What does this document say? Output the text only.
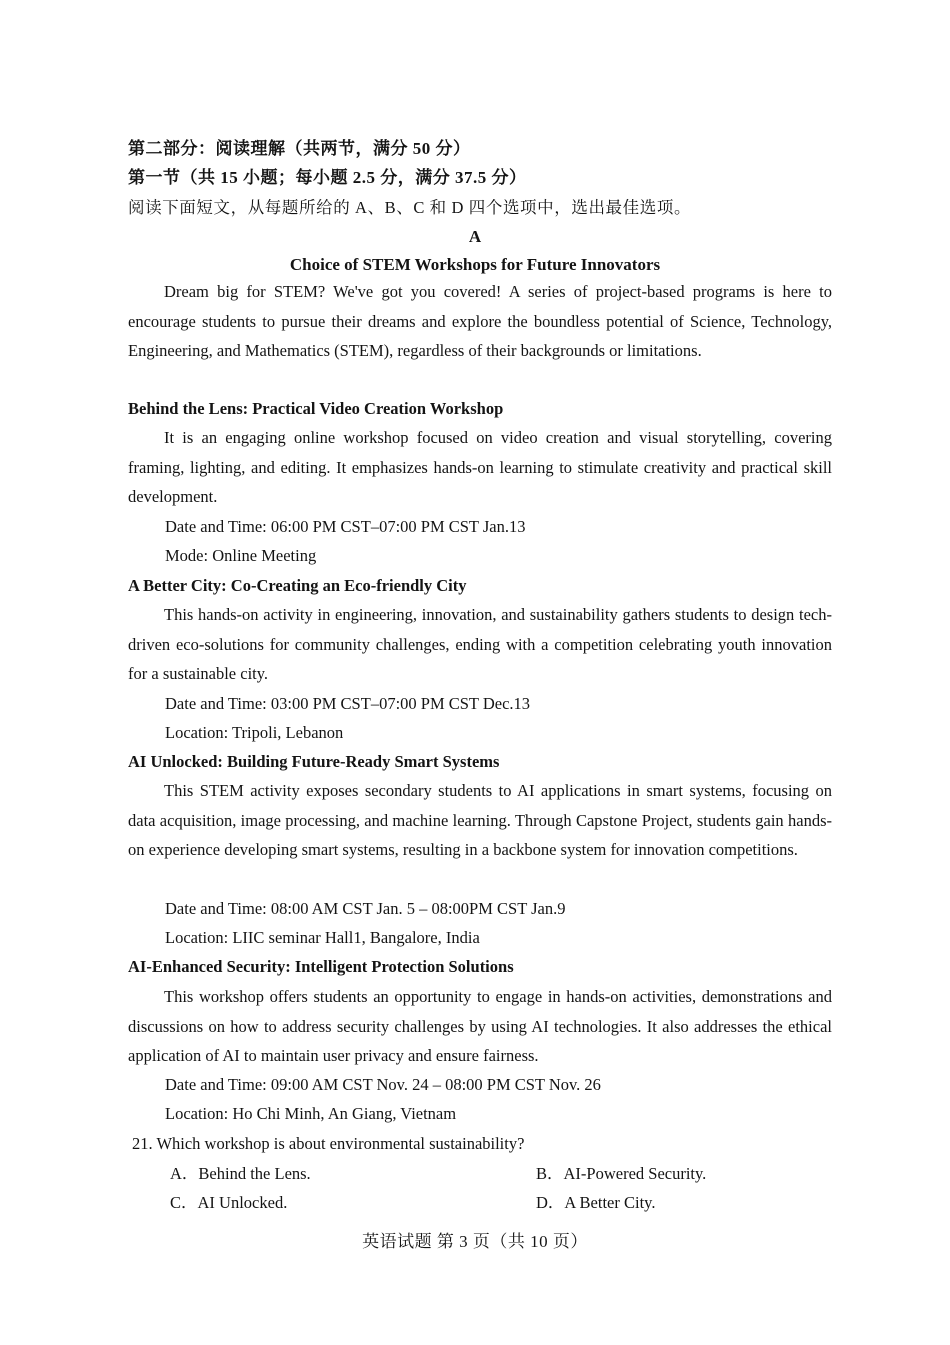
第二部分：阅读理解（共两节，满分 50 分）
第一节（共 15 小题；每小题 2.5 分，满分 37.5 分）
阅读下面短文，从每题所给的 A、B、C 和 D 四个选项中，选出最佳选项。
A
Choice of STEM Workshops for Future Innovators

Dream big for STEM? We've got you covered! A series of project-based programs is here to encourage students to pursue their dreams and explore the boundless potential of Science, Technology, Engineering, and Mathematics (STEM), regardless of their backgrounds or limitations.

Behind the Lens: Practical Video Creation Workshop

It is an engaging online workshop focused on video creation and visual storytelling, covering framing, lighting, and editing. It emphasizes hands-on learning to stimulate creativity and practical skill development.

Date and Time: 06:00 PM CST–07:00 PM CST Jan.13
Mode: Online Meeting
A Better City: Co-Creating an Eco-friendly City

This hands-on activity in engineering, innovation, and sustainability gathers students to design tech-driven eco-solutions for community challenges, ending with a competition celebrating youth innovation for a sustainable city.

Date and Time: 03:00 PM CST–07:00 PM CST Dec.13
Location: Tripoli, Lebanon
AI Unlocked: Building Future-Ready Smart Systems

This STEM activity exposes secondary students to AI applications in smart systems, focusing on data acquisition, image processing, and machine learning. Through Capstone Project, students gain hands-on experience developing smart systems, resulting in a backbone system for innovation competitions.

Date and Time: 08:00 AM CST Jan. 5 – 08:00PM CST Jan.9
Location: LIIC seminar Hall1, Bangalore, India
AI-Enhanced Security: Intelligent Protection Solutions

This workshop offers students an opportunity to engage in hands-on activities, demonstrations and discussions on how to address security challenges by using AI technologies. It also addresses the ethical application of AI to maintain user privacy and ensure fairness.

Date and Time: 09:00 AM CST Nov. 24 – 08:00 PM CST Nov. 26
Location: Ho Chi Minh, An Giang, Vietnam
21. Which workshop is about environmental sustainability?
A．Behind the Lens.	B．AI-Powered Security.
C．AI Unlocked.	D．A Better City.
英语试题 第 3 页（共 10 页）
